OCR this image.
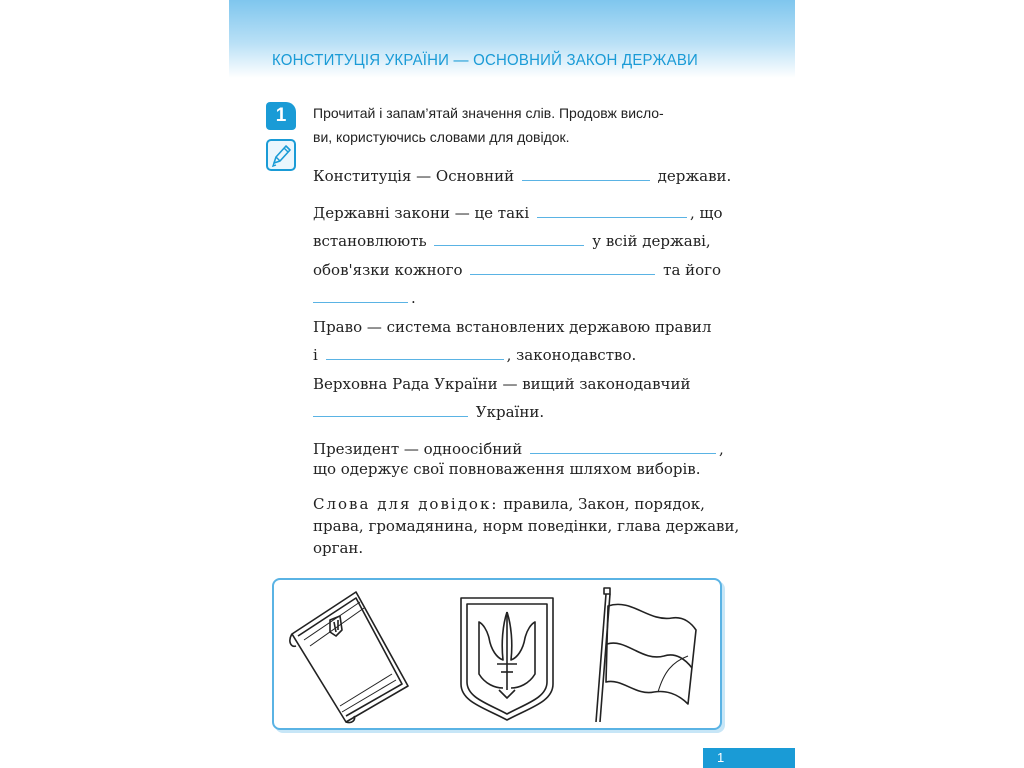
КОНСТИТУЦІЯ УКРАЇНИ — ОСНОВНИЙ ЗАКОН ДЕРЖАВИ
1	Прочитай і запам’ятай значення слів. Продовж вислo-
ви, користуючись словами для довідок.
Конституція — Основний	держави.
Державні закони — це такі	, що
встановлюють	у всій державі,
обов'язки кожного	та його
.
Право — система встановлених державою правил
і	, законодавство.
Верховна Рада України — вищий законодавчий
України.
Президент — одноосібний	,
що одержує свої повноваження шляхом виборів.
Слова для довідок: правила, Закон, порядок,
права, громадянина, норм поведінки, глава держави,
орган.
1
